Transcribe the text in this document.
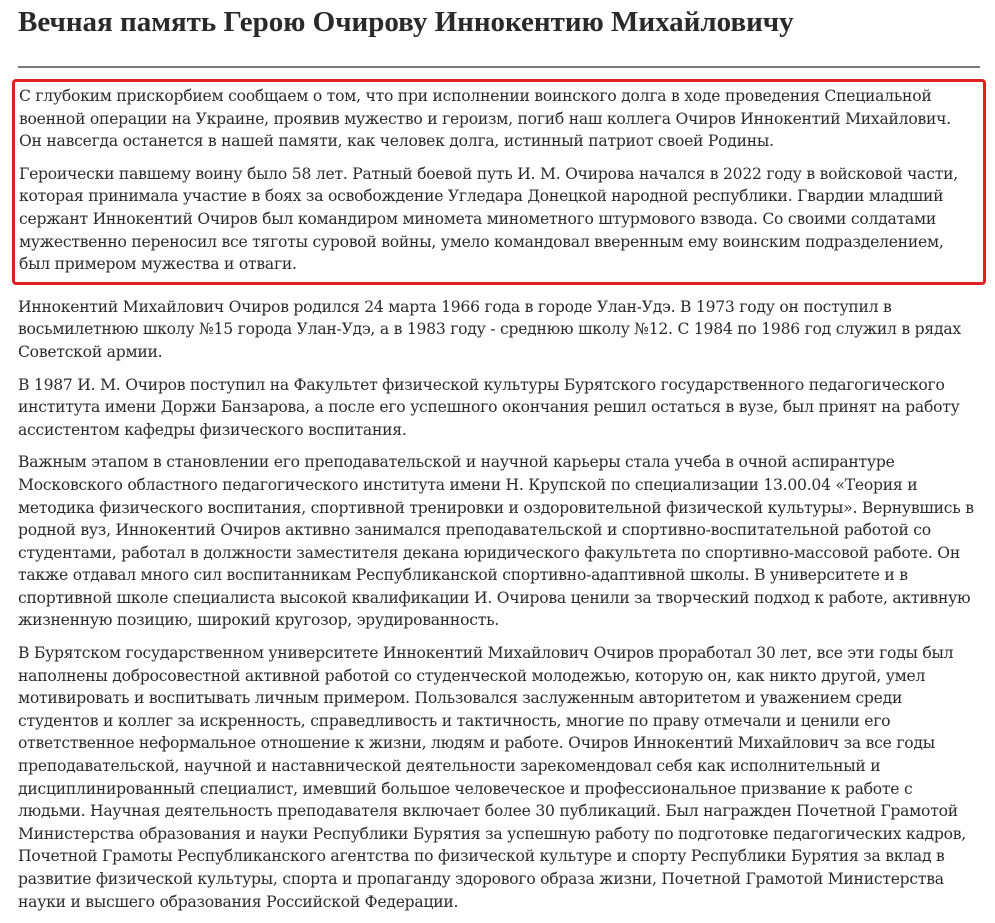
Вечная память Герою Очирову Иннокентию Михайловичу

С глубоким прискорбием сообщаем о том, что при исполнении воинского долга в ходе проведения Специальной военной операции на Украине, проявив мужество и героизм, погиб наш коллега Очиров Иннокентий Михайлович. Он навсегда останется в нашей памяти, как человек долга, истинный патриот своей Родины.

Героически павшему воину было 58 лет. Ратный боевой путь И. М. Очирова начался в 2022 году в войсковой части, которая принимала участие в боях за освобождение Угледара Донецкой народной республики. Гвардии младший сержант Иннокентий Очиров был командиром миномета минометного штурмового взвода. Со своими солдатами мужественно переносил все тяготы суровой войны, умело командовал вверенным ему воинским подразделением, был примером мужества и отваги.

Иннокентий Михайлович Очиров родился 24 марта 1966 года в городе Улан-Удэ. В 1973 году он поступил в восьмилетнюю школу №15 города Улан-Удэ, а в 1983 году - среднюю школу №12. С 1984 по 1986 год служил в рядах Советской армии.

В 1987 И. М. Очиров поступил на Факультет физической культуры Бурятского государственного педагогического института имени Доржи Банзарова, а после его успешного окончания решил остаться в вузе, был принят на работу ассистентом кафедры физического воспитания.

Важным этапом в становлении его преподавательской и научной карьеры стала учеба в очной аспирантуре Московского областного педагогического института имени Н. Крупской по специализации 13.00.04 «Теория и методика физического воспитания, спортивной тренировки и оздоровительной физической культуры». Вернувшись в родной вуз, Иннокентий Очиров активно занимался преподавательской и спортивно-воспитательной работой со студентами, работал в должности заместителя декана юридического факультета по спортивно-массовой работе. Он также отдавал много сил воспитанникам Республиканской спортивно-адаптивной школы. В университете и в спортивной школе специалиста высокой квалификации И. Очирова ценили за творческий подход к работе, активную жизненную позицию, широкий кругозор, эрудированность.

В Бурятском государственном университете Иннокентий Михайлович Очиров проработал 30 лет, все эти годы был наполнены добросовестной активной работой со студенческой молодежью, которую он, как никто другой, умел мотивировать и воспитывать личным примером. Пользовался заслуженным авторитетом и уважением среди студентов и коллег за искренность, справедливость и тактичность, многие по праву отмечали и ценили его ответственное неформальное отношение к жизни, людям и работе. Очиров Иннокентий Михайлович за все годы преподавательской, научной и наставнической деятельности зарекомендовал себя как исполнительный и дисциплинированный специалист, имевший большое человеческое и профессиональное призвание к работе с людьми. Научная деятельность преподавателя включает более 30 публикаций. Был награжден Почетной Грамотой Министерства образования и науки Республики Бурятия за успешную работу по подготовке педагогических кадров, Почетной Грамоты Республиканского агентства по физической культуре и спорту Республики Бурятия за вклад в развитие физической культуры, спорта и пропаганду здорового образа жизни, Почетной Грамотой Министерства науки и высшего образования Российской Федерации.
